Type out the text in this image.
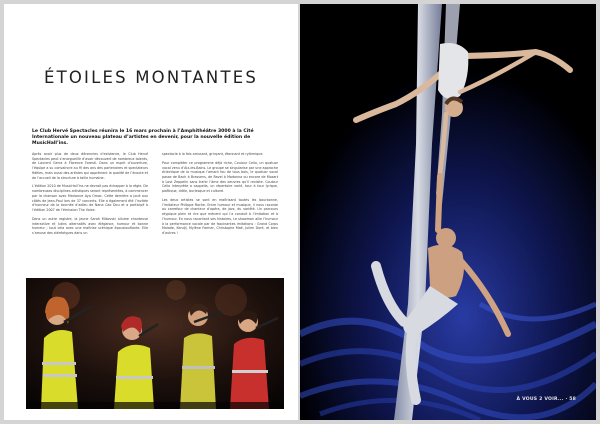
ÉTOILES MONTANTES
Le Club Hervé Spectacles réunira le 16 mars prochain à l’Amphithéâtre 3000 à la Cité Internationale un nouveau plateau d’artistes en devenir, pour la nouvelle édition de MusicHall’ins.

Après avoir plus de deux décennies d’existence, le Club Hervé Spectacles peut s’enorgueillir d’avoir découvert de nombreux talents, de Laurent Gerra à Florence Foresti. Dans un esprit d’ouverture, l’équipe a su convaincre au fil des ans des partenaires et spectateurs fidèles, mais aussi des artistes qui apprécient la qualité de l’écoute et de l’accueil de la structure à taille humaine.

L’édition 2010 de MusicHall’ins ne devrait pas échapper à la règle. De nombreuses disciplines artistiques seront représentées, à commencer par la chanson avec Marianne Aya Omac. Cette dernière a joué aux côtés de Jean-Paul lors de 37 concerts. Elle a également été l’invitée d’honneur de la tournée d’adieu de Nana Cao Dou et a participé à l’édition 2007 de l’émission The Voice.

Dans un autre registre, la jeune Sarah Mikovski allume chanteuse interactive et lutins alternatifs avec élégance, humour et bonne humeur ; tout cela avec une maîtrise scénique époustouflante. Elle s’amuse des stéréotypes dans un

spectacle à la fois amusant, grinçant, étonnant et rythmique.

Pour compléter ce programme déjà riche, Coulour Cello, un quatuor vocal venu d’Aix-les-Bains. Le groupe se singularise par une approche éclectique de la musique l’amant fou de tous bois, le quatuor vocal passe de Bach à Brassens, de Ravel à Madonna ou encore de Mozart à Lost Zeppelin sans trahir l’âme des oeuvres qu’il revisite. Coulour Cello interprète a cappella, un répertoire varié, tour à tour lyrique, poétique, drôle, burlesque et culturel.

Les deux artistes se sont en maîtrisant toutes les bourbonne, l’imitateur Philippe Roche. Entre humour et musique, il nous raconte au carrefour de chanteur d’opéra, de jazz, du variété. Un parcours atypique plein et rire que mènent qui l’a conduit à l’imitation et à l’humour. En nous racontant ses histoires, Le showman allie l’humour à la performance vocale par de fascinantes imitations : Grand Corps Malade, Kendji, Mylène Farmer, Christophe Maé, Julien Doré, et bien d’autres !

À VOUS 2 VOIR... · 58
